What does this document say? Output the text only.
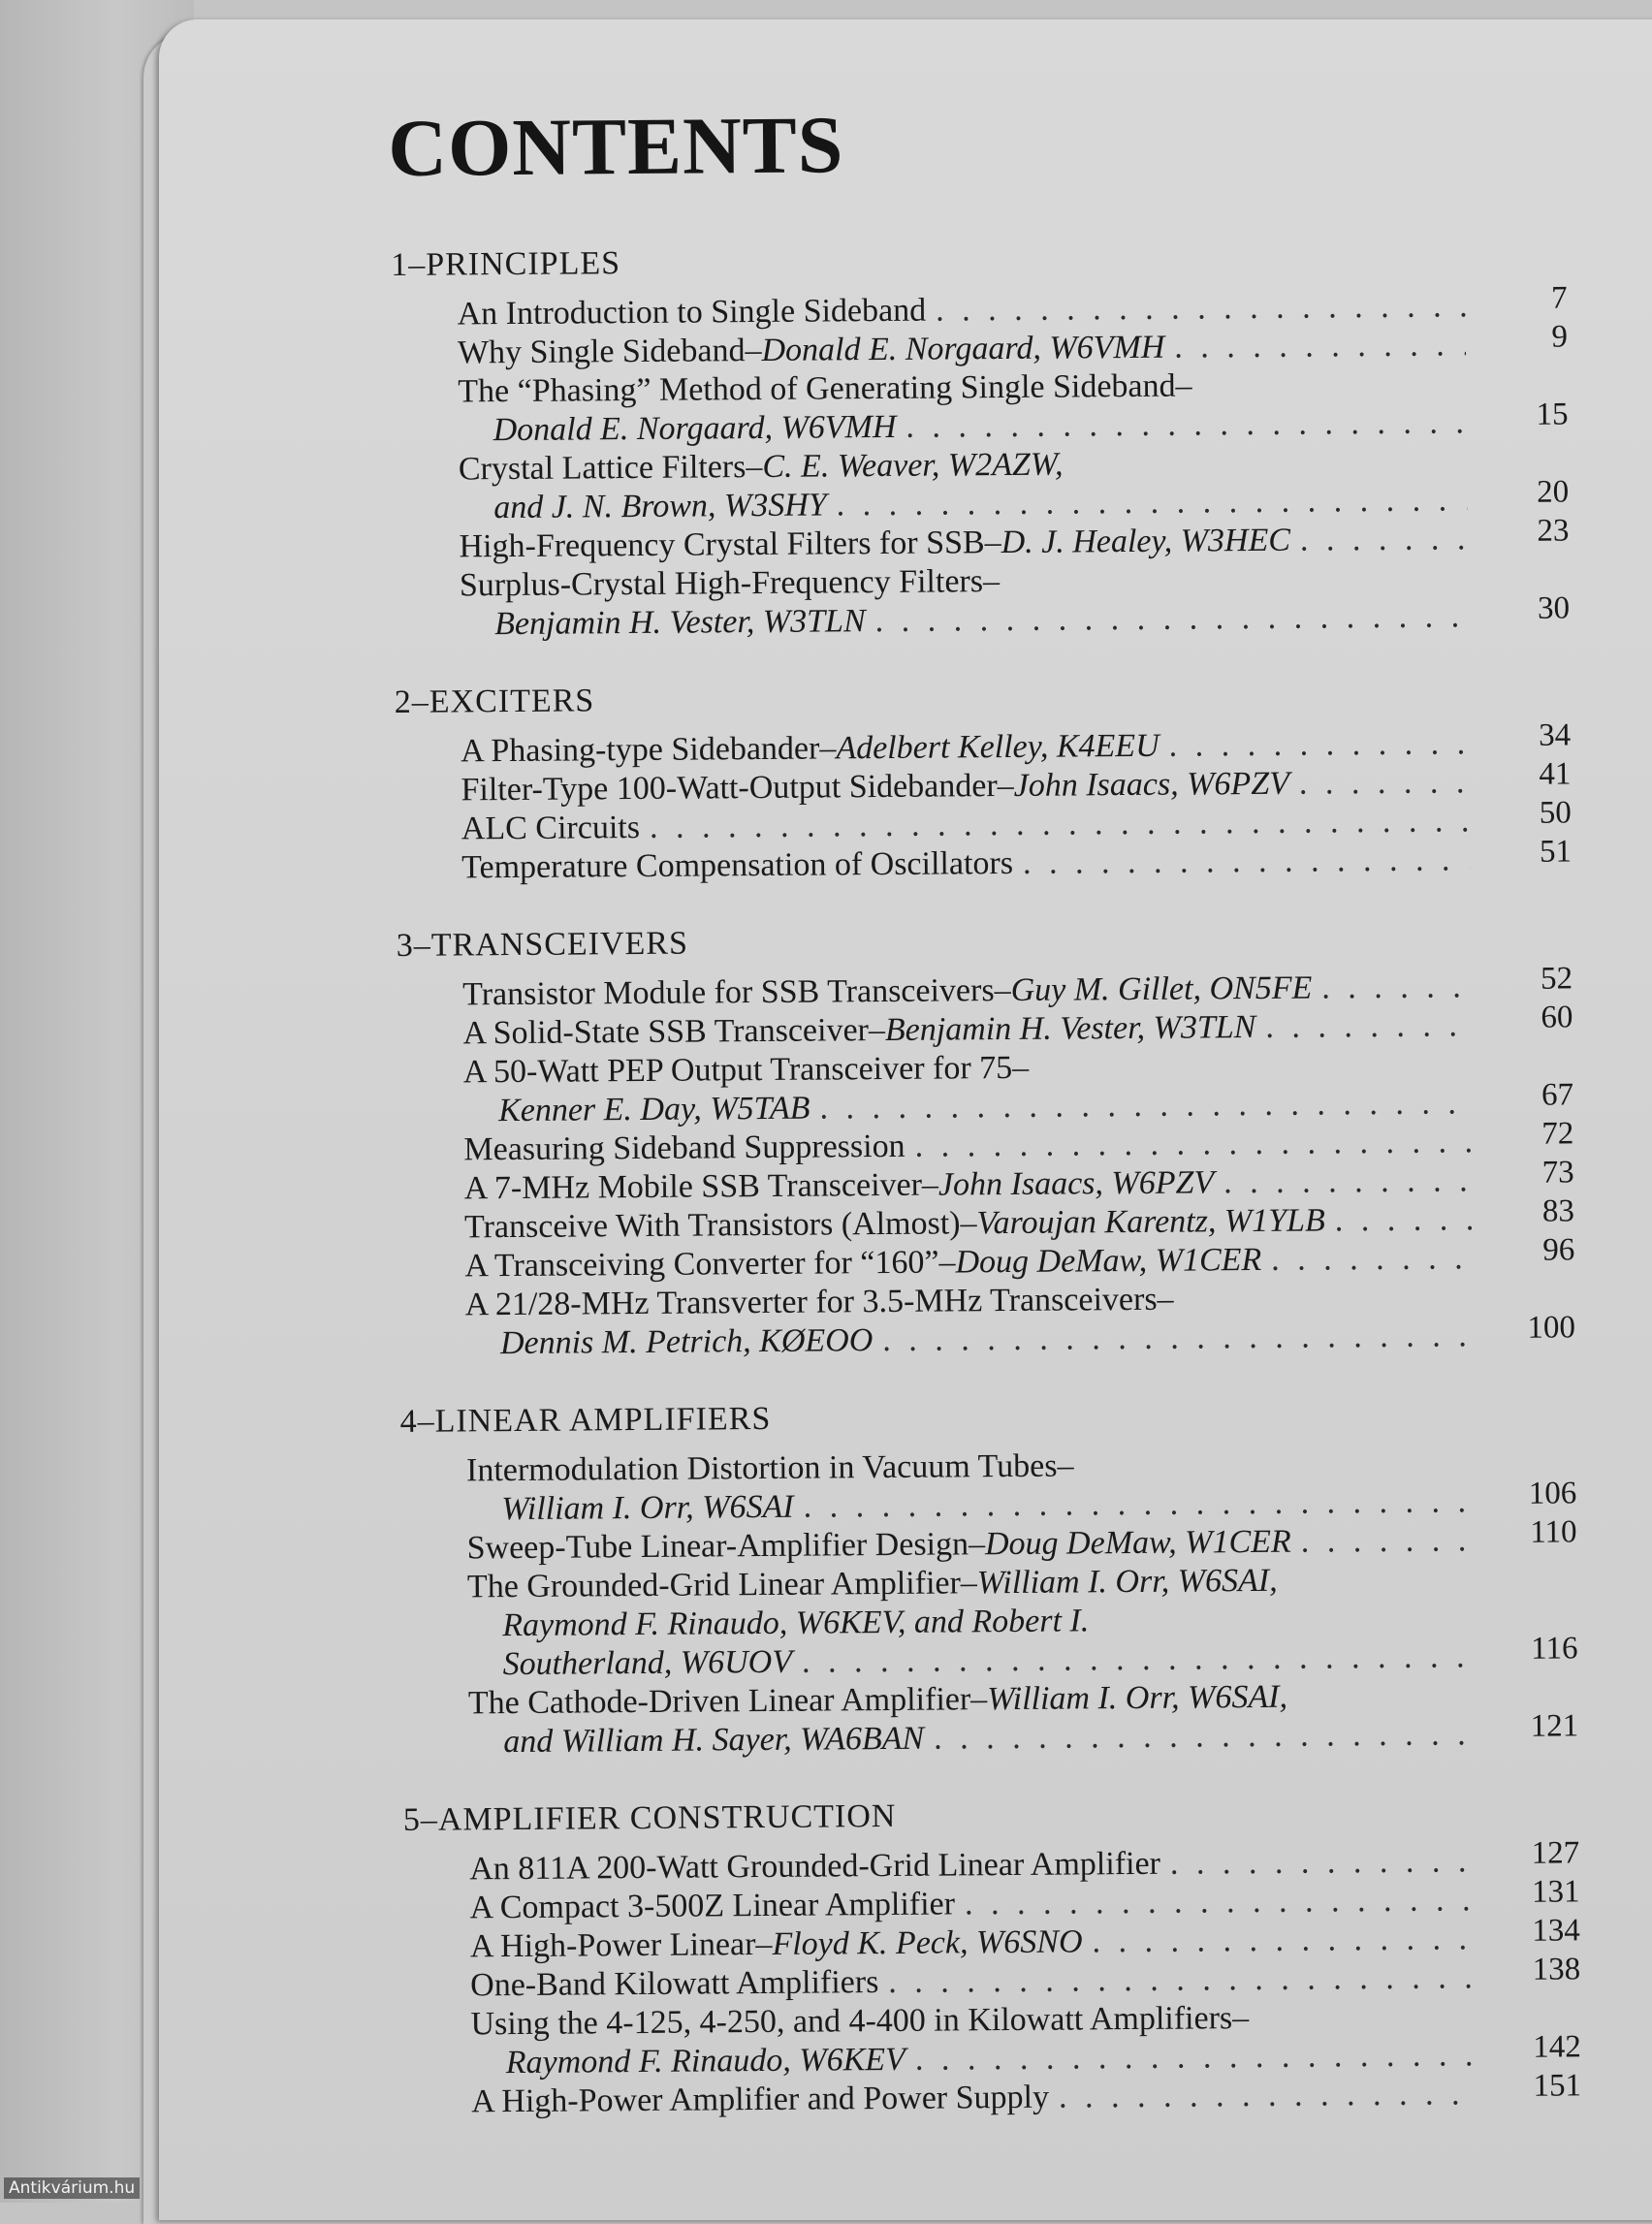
CONTENTS
1–PRINCIPLES
An Introduction to Single Sideband . . .	7
Why Single Sideband–Donald E. Norgaard, W6VMH . . .	9
The “Phasing” Method of Generating Single Sideband–
Donald E. Norgaard, W6VMH . . .	15
Crystal Lattice Filters–C. E. Weaver, W2AZW,
and J. N. Brown, W3SHY . . .	20
High-Frequency Crystal Filters for SSB–D. J. Healey, W3HEC . . .	23
Surplus-Crystal High-Frequency Filters–
Benjamin H. Vester, W3TLN . . .	30
2–EXCITERS
A Phasing-type Sidebander–Adelbert Kelley, K4EEU . . .	34
Filter-Type 100-Watt-Output Sidebander–John Isaacs, W6PZV . . .	41
ALC Circuits . . .	50
Temperature Compensation of Oscillators . . .	51
3–TRANSCEIVERS
Transistor Module for SSB Transceivers–Guy M. Gillet, ON5FE . . .	52
A Solid-State SSB Transceiver–Benjamin H. Vester, W3TLN . . .	60
A 50-Watt PEP Output Transceiver for 75–
Kenner E. Day, W5TAB . . .	67
Measuring Sideband Suppression . . .	72
A 7-MHz Mobile SSB Transceiver–John Isaacs, W6PZV . . .	73
Transceive With Transistors (Almost)–Varoujan Karentz, W1YLB . . .	83
A Transceiving Converter for “160”–Doug DeMaw, W1CER . . .	96
A 21/28-MHz Transverter for 3.5-MHz Transceivers–
Dennis M. Petrich, KØEOO . . .	100
4–LINEAR AMPLIFIERS
Intermodulation Distortion in Vacuum Tubes–
William I. Orr, W6SAI . . .	106
Sweep-Tube Linear-Amplifier Design–Doug DeMaw, W1CER . . .	110
The Grounded-Grid Linear Amplifier–William I. Orr, W6SAI,
Raymond F. Rinaudo, W6KEV, and Robert I.
Southerland, W6UOV . . .	116
The Cathode-Driven Linear Amplifier–William I. Orr, W6SAI,
and William H. Sayer, WA6BAN . . .	121
5–AMPLIFIER CONSTRUCTION
An 811A 200-Watt Grounded-Grid Linear Amplifier . . .	127
A Compact 3-500Z Linear Amplifier . . .	131
A High-Power Linear–Floyd K. Peck, W6SNO . . .	134
One-Band Kilowatt Amplifiers . . .	138
Using the 4-125, 4-250, and 4-400 in Kilowatt Amplifiers–
Raymond F. Rinaudo, W6KEV . . .	142
A High-Power Amplifier and Power Supply . . .	151
Antikvárium.hu
